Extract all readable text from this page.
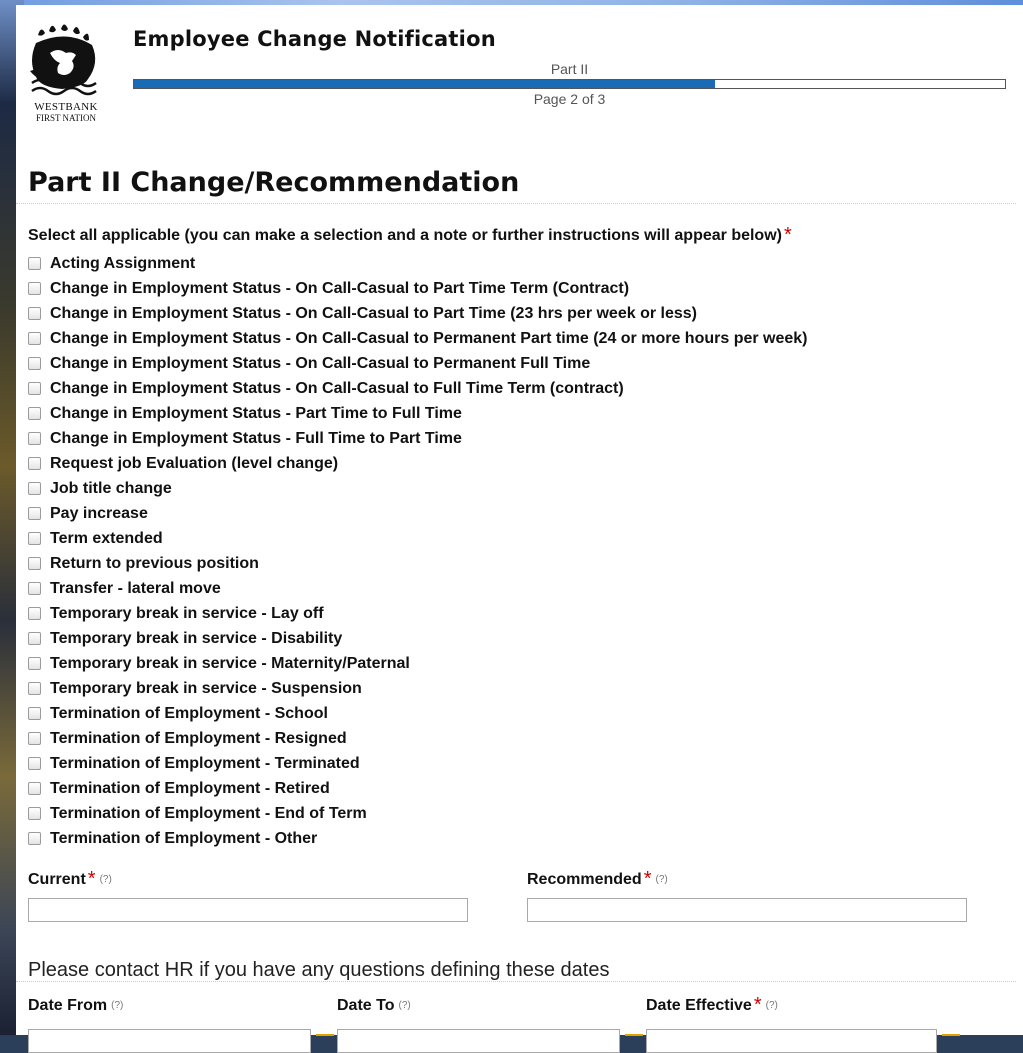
WESTBANK
FIRST NATION
Employee Change Notification
Part II
Page 2 of 3
Part II Change/Recommendation
Select all applicable (you can make a selection and a note or further instructions will appear below) *
Acting Assignment
Change in Employment Status - On Call-Casual to Part Time Term (Contract)
Change in Employment Status - On Call-Casual to Part Time (23 hrs per week or less)
Change in Employment Status - On Call-Casual to Permanent Part time (24 or more hours per week)
Change in Employment Status - On Call-Casual to Permanent Full Time
Change in Employment Status - On Call-Casual to Full Time Term (contract)
Change in Employment Status - Part Time to Full Time
Change in Employment Status - Full Time to Part Time
Request job Evaluation (level change)
Job title change
Pay increase
Term extended
Return to previous position
Transfer - lateral move
Temporary break in service - Lay off
Temporary break in service - Disability
Temporary break in service - Maternity/Paternal
Temporary break in service - Suspension
Termination of Employment - School
Termination of Employment - Resigned
Termination of Employment - Terminated
Termination of Employment - Retired
Termination of Employment - End of Term
Termination of Employment - Other
Current * (?)	Recommended * (?)
Please contact HR if you have any questions defining these dates
Date From (?)	Date To (?)	Date Effective * (?)
